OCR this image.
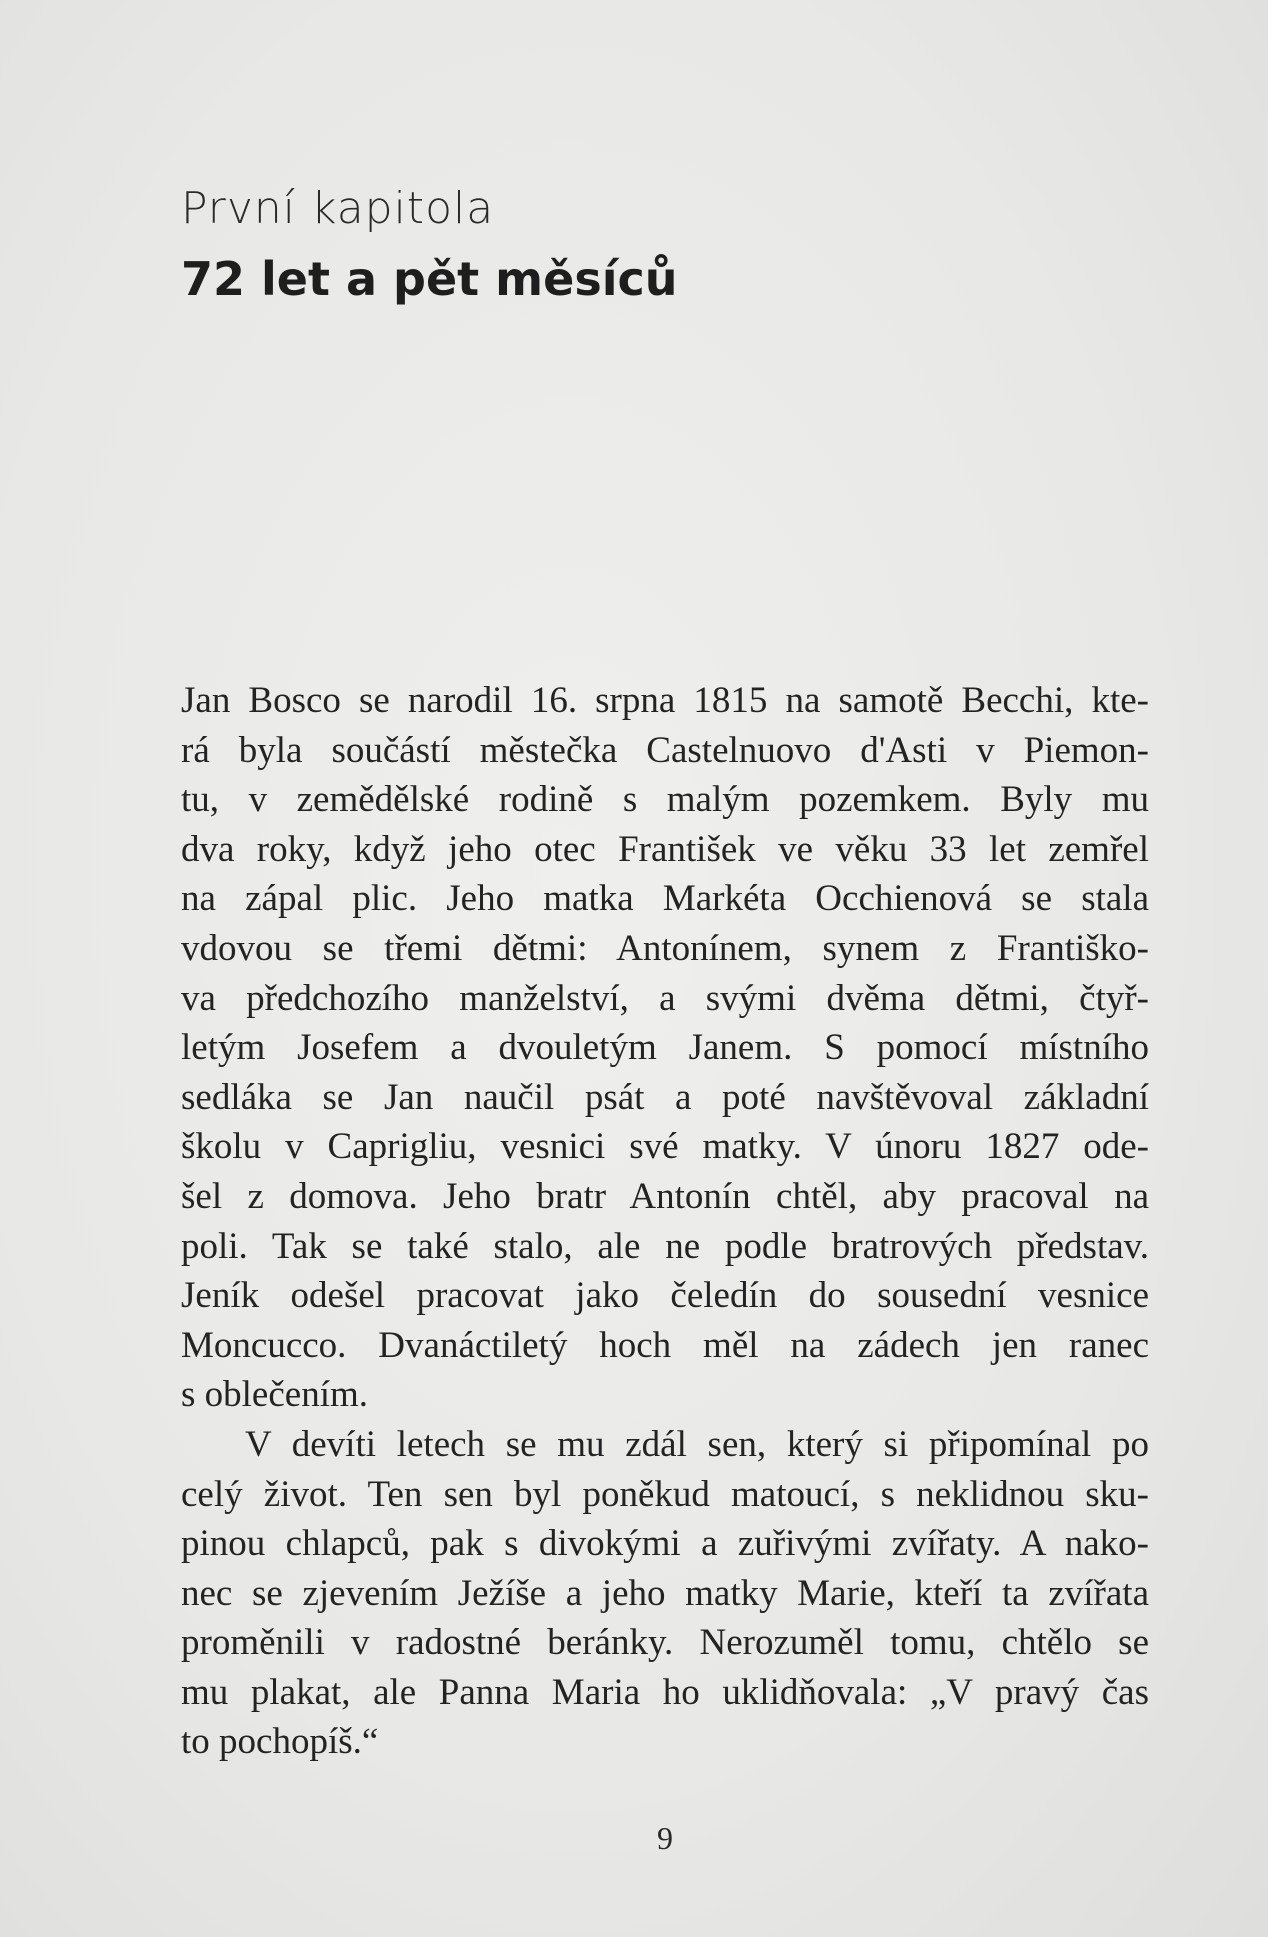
První kapitola
72 let a pět měsíců
Jan Bosco se narodil 16. srpna 1815 na samotě Becchi, kte-
rá byla součástí městečka Castelnuovo d'Asti v Piemon-
tu, v zemědělské rodině s malým pozemkem. Byly mu
dva roky, když jeho otec František ve věku 33 let zemřel
na zápal plic. Jeho matka Markéta Occhienová se stala
vdovou se třemi dětmi: Antonínem, synem z Františko-
va předchozího manželství, a svými dvěma dětmi, čtyř-
letým Josefem a dvouletým Janem. S pomocí místního
sedláka se Jan naučil psát a poté navštěvoval základní
školu v Caprigliu, vesnici své matky. V únoru 1827 ode-
šel z domova. Jeho bratr Antonín chtěl, aby pracoval na
poli. Tak se také stalo, ale ne podle bratrových představ.
Jeník odešel pracovat jako čeledín do sousední vesnice
Moncucco. Dvanáctiletý hoch měl na zádech jen ranec
s oblečením.
V devíti letech se mu zdál sen, který si připomínal po
celý život. Ten sen byl poněkud matoucí, s neklidnou sku-
pinou chlapců, pak s divokými a zuřivými zvířaty. A nako-
nec se zjevením Ježíše a jeho matky Marie, kteří ta zvířata
proměnili v radostné beránky. Nerozuměl tomu, chtělo se
mu plakat, ale Panna Maria ho uklidňovala: „V pravý čas
to pochopíš.“
9
